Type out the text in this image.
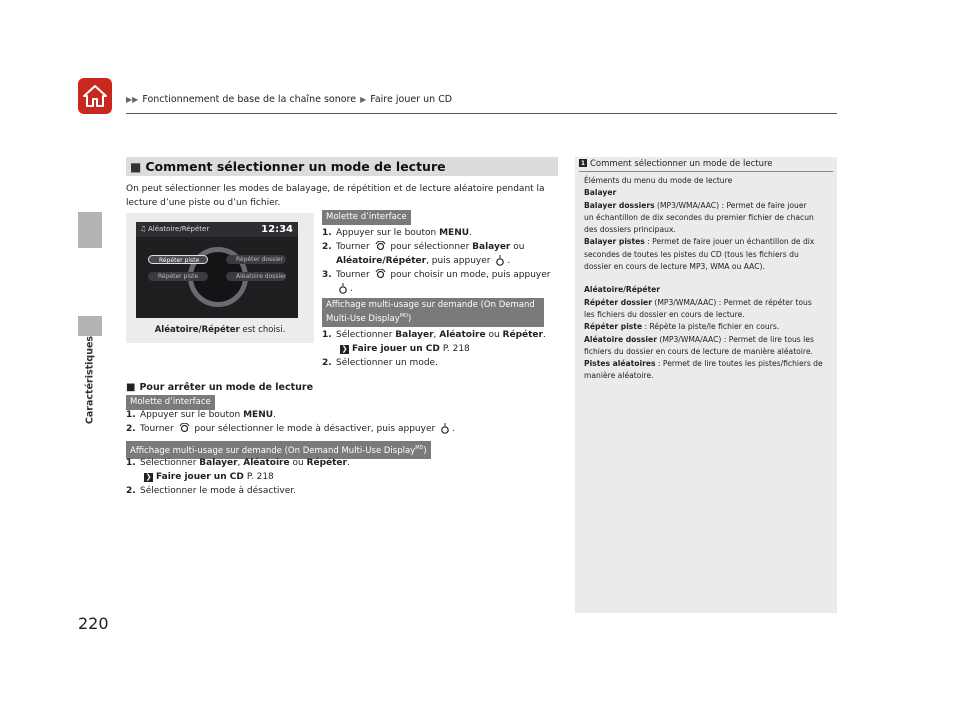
▶▶ Fonctionnement de base de la chaîne sonore ▶ Faire jouer un CD
Caractéristiques
220
■ Comment sélectionner un mode de lecture
On peut sélectionner les modes de balayage, de répétition et de lecture aléatoire pendant la lecture d’une piste ou d’un fichier.
♫ Aléatoire/Répéter	12:34
Répéter piste	Répéter dossier
Répéter piste	Aléatoire dossier
Aléatoire/Répéter est choisi.
Molette d’interface
1. Appuyer sur le bouton MENU.
2. Tourner  pour sélectionner Balayer ou
Aléatoire/Répéter, puis appuyer .
3. Tourner  pour choisir un mode, puis appuyer
.
Affichage multi-usage sur demande (On Demand
Multi-Use Display$^{MD}$)
1. Sélectionner Balayer, Aléatoire ou Répéter.
❯ Faire jouer un CD P. 218
2. Sélectionner un mode.
■ Pour arrêter un mode de lecture
Molette d’interface
1. Appuyer sur le bouton MENU.
2. Tourner  pour sélectionner le mode à désactiver, puis appuyer .
Affichage multi-usage sur demande (On Demand Multi-Use Display$^{MD}$)
1. Sélectionner Balayer, Aléatoire ou Répéter.
❯ Faire jouer un CD P. 218
2. Sélectionner le mode à désactiver.
1 Comment sélectionner un mode de lecture
Éléments du menu du mode de lecture
Balayer
Balayer dossiers (MP3/WMA/AAC) : Permet de faire jouer
un échantillon de dix secondes du premier fichier de chacun
des dossiers principaux.
Balayer pistes : Permet de faire jouer un échantillon de dix
secondes de toutes les pistes du CD (tous les fichiers du
dossier en cours de lecture MP3, WMA ou AAC).
Aléatoire/Répéter
Répéter dossier (MP3/WMA/AAC) : Permet de répéter tous
les fichiers du dossier en cours de lecture.
Répéter piste : Répète la piste/le fichier en cours.
Aléatoire dossier (MP3/WMA/AAC) : Permet de lire tous les
fichiers du dossier en cours de lecture de manière aléatoire.
Pistes aléatoires : Permet de lire toutes les pistes/fichiers de
manière aléatoire.
